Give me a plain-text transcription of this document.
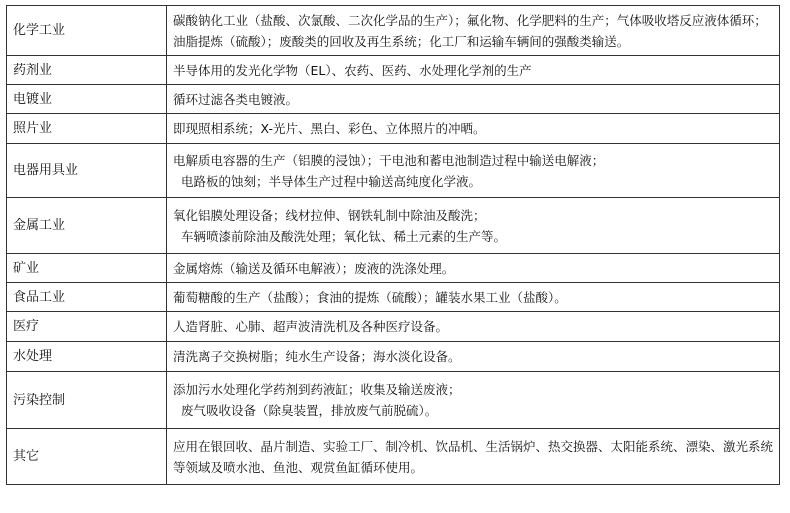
化学工业	碳酸钠化工业（盐酸、次氯酸、二次化学品的生产）；氟化物、化学肥料的生产；气体吸收塔反应液体循环；油脂提炼（硫酸）；废酸类的回收及再生系统；化工厂和运输车辆间的强酸类输送。

药剂业	半导体用的发光化学物（EL）、农药、医药、水处理化学剂的生产

电镀业	循环过滤各类电镀液。

照片业	即现照相系统；X-光片、黑白、彩色、立体照片的冲晒。

电器用具业	电解质电容器的生产（铝膜的浸蚀）；干电池和蓄电池制造过程中输送电解液；
电路板的蚀刻；半导体生产过程中输送高纯度化学液。

金属工业	氧化铝膜处理设备；线材拉伸、钢铁轧制中除油及酸洗；
车辆喷漆前除油及酸洗处理；氧化钛、稀土元素的生产等。

矿业	金属熔炼（输送及循环电解液）；废液的洗涤处理。

食品工业	葡萄糖酸的生产（盐酸）；食油的提炼（硫酸）；罐装水果工业（盐酸）。

医疗	人造肾脏、心肺、超声波清洗机及各种医疗设备。

水处理	清洗离子交换树脂；纯水生产设备；海水淡化设备。

污染控制	添加污水处理化学药剂到药液缸；收集及输送废液；
废气吸收设备（除臭装置，排放废气前脱硫）。

其它	应用在银回收、晶片制造、实验工厂、制冷机、饮品机、生活锅炉、热交换器、太阳能系统、漂染、激光系统等领域及喷水池、鱼池、观赏鱼缸循环使用。
